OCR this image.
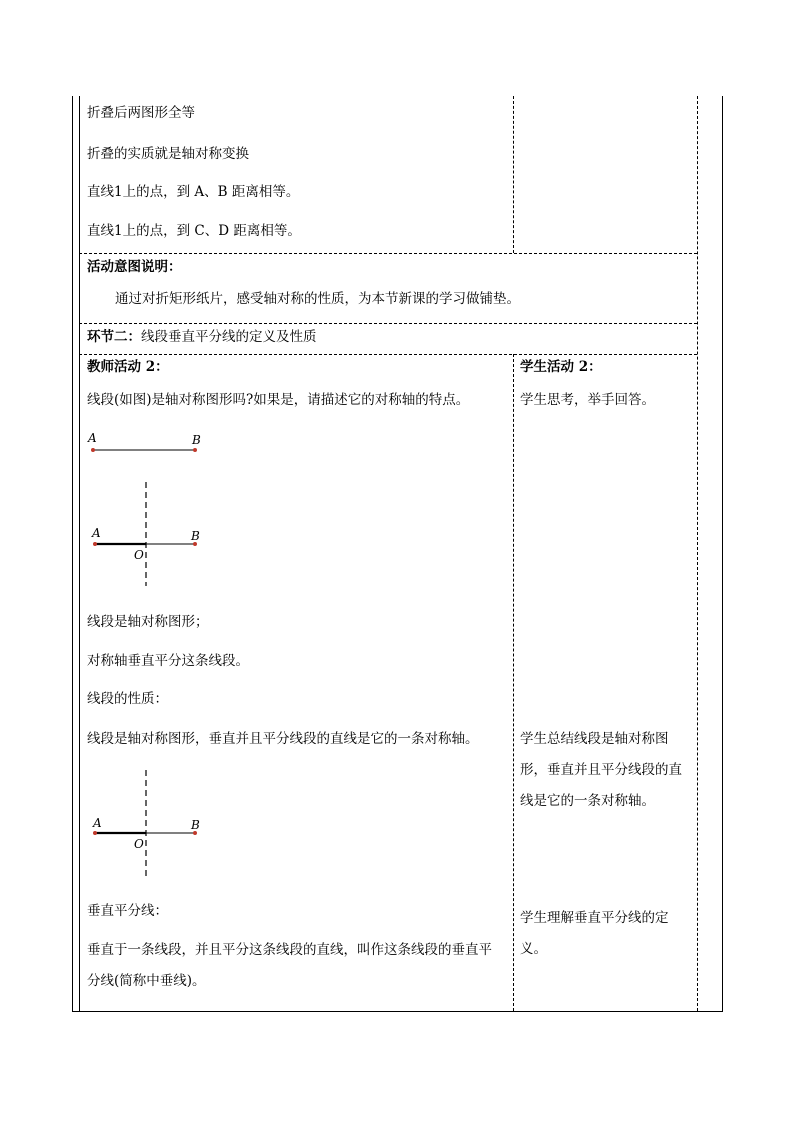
折叠后两图形全等
折叠的实质就是轴对称变换
直线1上的点，到 A、B 距离相等。
直线1上的点，到 C、D 距离相等。
活动意图说明：
通过对折矩形纸片，感受轴对称的性质，为本节新课的学习做铺垫。
环节二：线段垂直平分线的定义及性质
教师活动 2：
线段(如图)是轴对称图形吗?如果是，请描述它的对称轴的特点。
A	B
A	B
O
线段是轴对称图形；
对称轴垂直平分这条线段。
线段的性质：
线段是轴对称图形，垂直并且平分线段的直线是它的一条对称轴。
A	B
O
垂直平分线：
垂直于一条线段，并且平分这条线段的直线，叫作这条线段的垂直平
分线(简称中垂线)。
学生活动 2：
学生思考，举手回答。
学生总结线段是轴对称图
形，垂直并且平分线段的直
线是它的一条对称轴。
学生理解垂直平分线的定
义。
